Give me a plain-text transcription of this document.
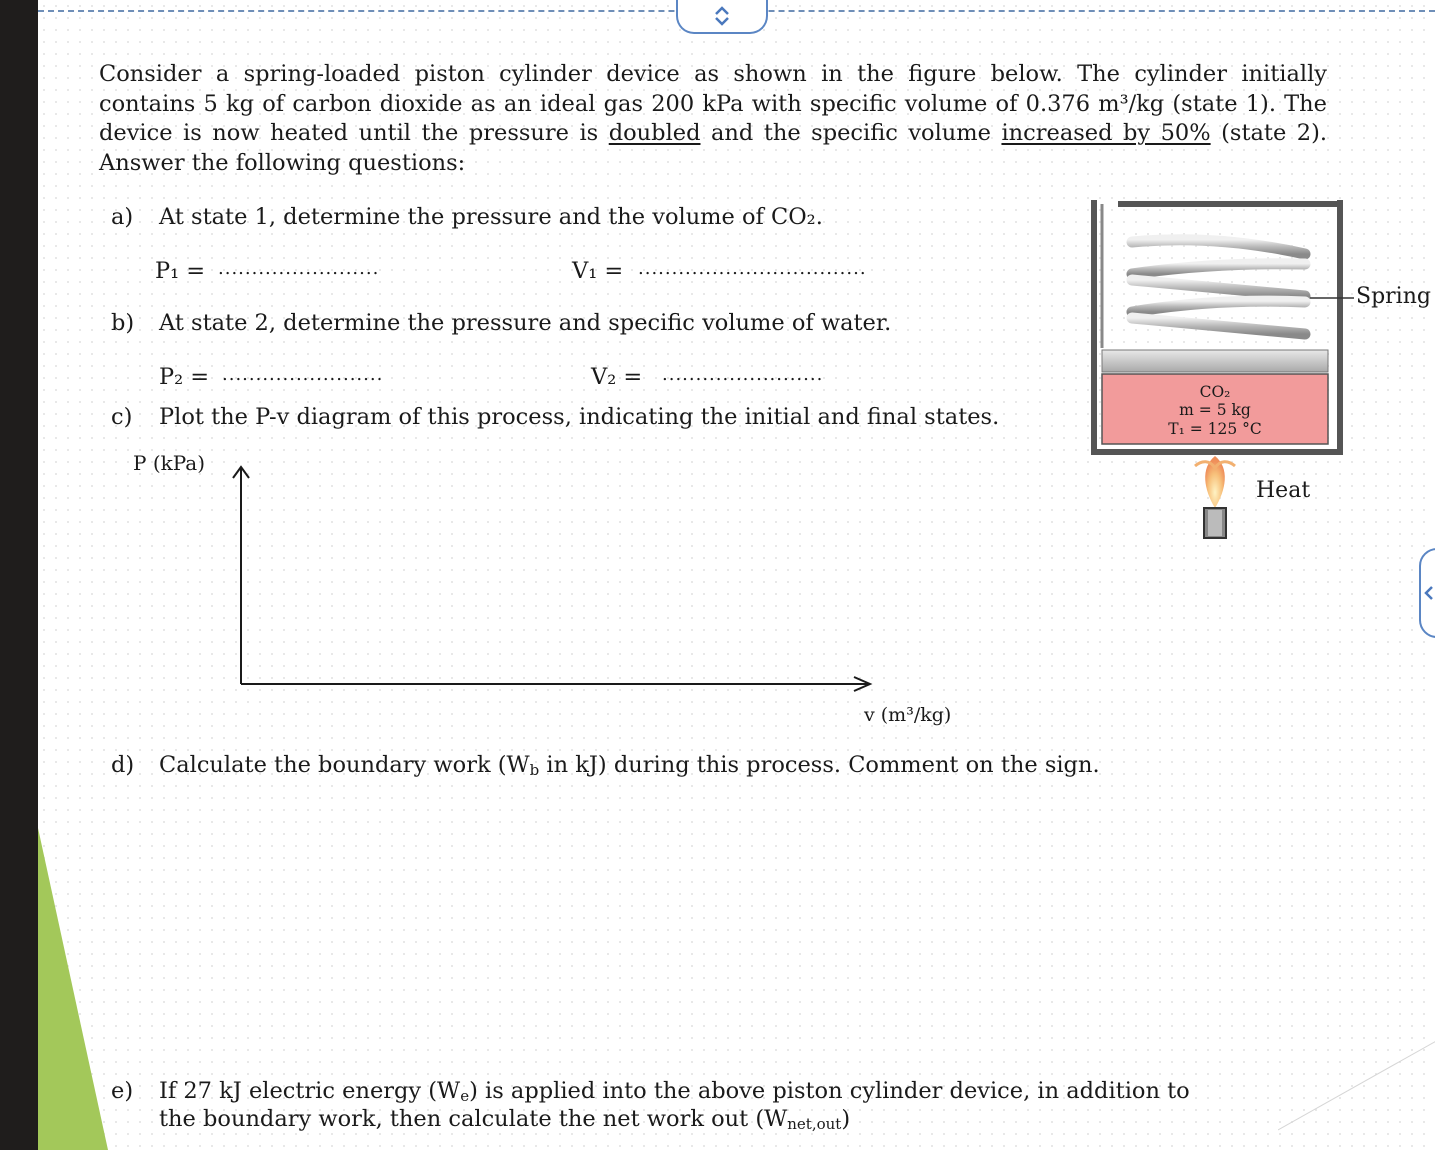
Consider a spring-loaded piston cylinder device as shown in the figure below. The cylinder initially contains 5 kg of carbon dioxide as an ideal gas 200 kPa with specific volume of 0.376 m³/kg (state 1). The device is now heated until the pressure is doubled and the specific volume increased by 50% (state 2). Answer the following questions:
a) At state 1, determine the pressure and the volume of CO₂.
P₁ = ........................	V₁ = ..................................
b) At state 2, determine the pressure and specific volume of water.
P₂ = ........................	V₂ = ........................
c) Plot the P-v diagram of this process, indicating the initial and final states.
P (kPa)
v (m³/kg)
d) Calculate the boundary work ($W_b$ in kJ) during this process. Comment on the sign.
e) If 27 kJ electric energy $(W_e)$ is applied into the above piston cylinder device, in addition to
the boundary work, then calculate the net work out $(W_{net,out})$
CO₂
m = 5 kg
T₁ = 125 °C
Spring
Heat
